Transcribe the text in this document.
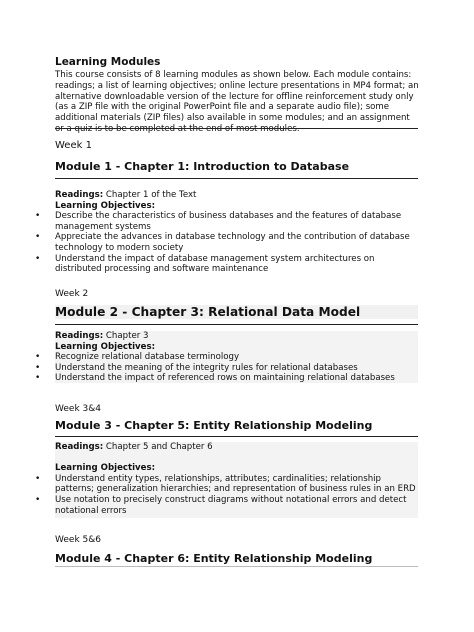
Learning Modules

This course consists of 8 learning modules as shown below. Each module contains: readings; a list of learning objectives; online lecture presentations in MP4 format; an alternative downloadable version of the lecture for offline reinforcement study only (as a ZIP file with the original PowerPoint file and a separate audio file); some additional materials (ZIP files) also available in some modules; and an assignment

Week 1
Module 1 - Chapter 1: Introduction to Database

Readings: Chapter 1 of the Text

Learning Objectives:

• Describe the characteristics of business databases and the features of database management systems
• Appreciate the advances in database technology and the contribution of database technology to modern society
• Understand the impact of database management system architectures on distributed processing and software maintenance
Week 2
Module 2 - Chapter 3: Relational Data Model

Readings: Chapter 3

Learning Objectives:

• Recognize relational database terminology
• Understand the meaning of the integrity rules for relational databases
• Understand the impact of referenced rows on maintaining relational databases
Week 3&4
Module 3 - Chapter 5: Entity Relationship Modeling

Readings: Chapter 5 and Chapter 6

Learning Objectives:

• Understand entity types, relationships, attributes; cardinalities; relationship patterns; generalization hierarchies; and representation of business rules in an ERD
• Use notation to precisely construct diagrams without notational errors and detect notational errors
Week 5&6
Module 4 - Chapter 6: Entity Relationship Modeling
